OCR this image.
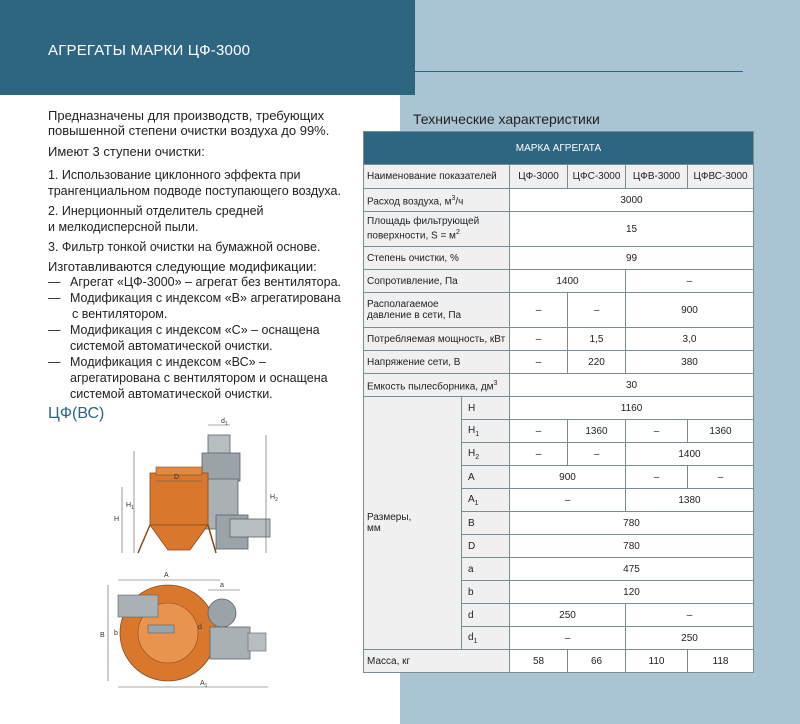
АГРЕГАТЫ МАРКИ ЦФ-3000

Предназначены для производств, требующих

повышенной степени очистки воздуха до 99%.

Имеют 3 ступени очистки:

1. Использование циклонного эффекта при

трангенциальном подводе поступающего воздуха.

2. Инерционный отделитель средней

и мелкодисперсной пыли.

3. Фильтр тонкой очистки на бумажной основе.

Изготавливаются следующие модификации:

— Агрегат «ЦФ-3000» – агрегат без вентилятора.
— Модификация с индексом «В» агрегатирована
с вентилятором.
— Модификация с индексом «С» – оснащена
системой автоматической очистки.
— Модификация с индексом «ВС» –
агрегатирована с вентилятором и оснащена
системой автоматической очистки.
ЦФ(ВС)	$d_1$
D
H
$H_1$
$H_2$
A
a
B b
d
$A_1$
Технические характеристики
МАРКА АГРЕГАТА					
Наименование показателей		ЦФ-3000	ЦФС-3000	ЦФВ-3000	ЦФВС-3000
Расход воздуха, $м^3/ч$		3000			
Площадь фильтрующей
поверхности, $S = м^2$		15			
Степень очистки, %		99			
Сопротивление, Па		1400		–	
Располагаемое
давление в сети, Па		–	–	900	
Потребляемая мощность, кВт		–	1,5	3,0	
Напряжение сети, В		–	220	380	
Емкость пылесборника, $дм^3$		30			
Размеры,
мм	H	1160			
	$H_1$	–	1360	–	1360
	$H_2$	–	–	1400	
	A	900		–	–
	$A_1$	–		1380	
	B	780			
	D	780			
	a	475			
	b	120			
	d	250		–	
	$d_1$	–		250	
Масса, кг		58	66	110	118
